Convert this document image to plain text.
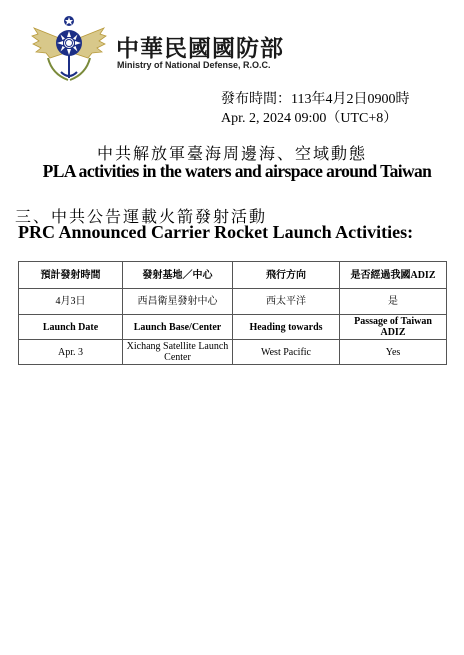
中華民國國防部
Ministry of National Defense, R.O.C.
發布時間：113年4月2日0900時
Apr. 2, 2024 09:00（UTC+8）
中共解放軍臺海周邊海、空域動態
PLA activities in the waters and airspace around Taiwan
三、中共公告運載火箭發射活動
PRC Announced Carrier Rocket Launch Activities:
預計發射時間	發射基地／中心	飛行方向	是否經過我國ADIZ
4月3日	西昌衛星發射中心	西太平洋	是
Launch Date	Launch Base/Center	Heading towards	Passage of Taiwan ADIZ
Apr. 3	Xichang Satellite Launch Center	West Pacific	Yes
